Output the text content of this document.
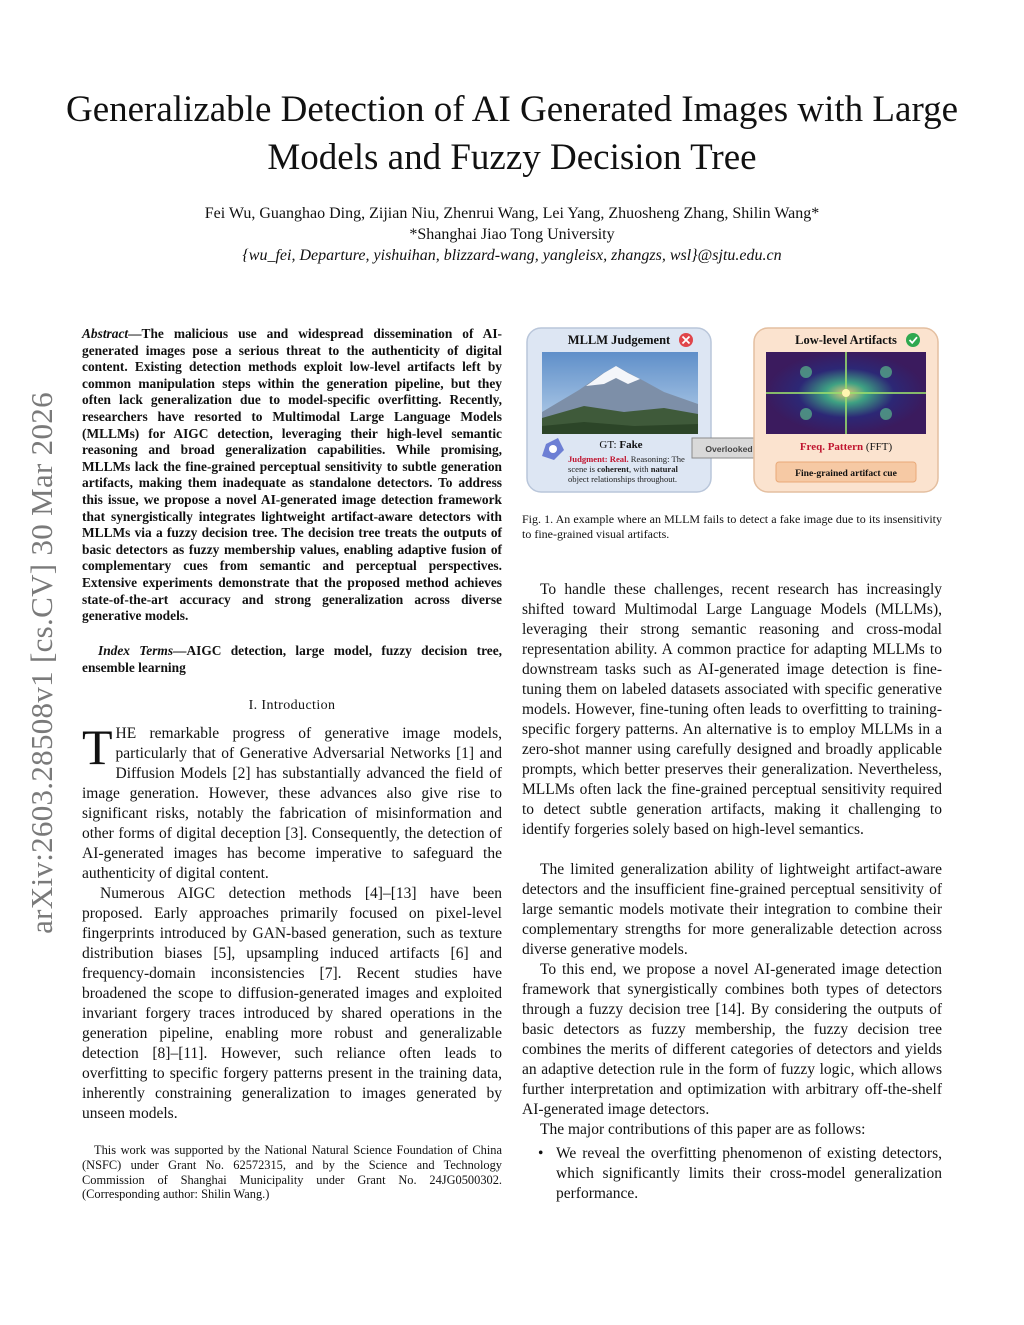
arXiv:2603.28508v1 [cs.CV] 30 Mar 2026
Generalizable Detection of AI Generated Images with Large Models and Fuzzy Decision Tree
Fei Wu, Guanghao Ding, Zijian Niu, Zhenrui Wang, Lei Yang, Zhuosheng Zhang, Shilin Wang*
*Shanghai Jiao Tong University
{wu_fei, Departure, yishuihan, blizzard-wang, yangleisx, zhangzs, wsl}@sjtu.edu.cn
Abstract—The malicious use and widespread dissemination of AI-generated images pose a serious threat to the authenticity of digital content. Existing detection methods exploit low-level artifacts left by common manipulation steps within the generation pipeline, but they often lack generalization due to model-specific overfitting. Recently, researchers have resorted to Multimodal Large Language Models (MLLMs) for AIGC detection, leveraging their high-level semantic reasoning and broad generalization capabilities. While promising, MLLMs lack the fine-grained perceptual sensitivity to subtle generation artifacts, making them inadequate as standalone detectors. To address this issue, we propose a novel AI-generated image detection framework that synergistically integrates lightweight artifact-aware detectors with MLLMs via a fuzzy decision tree. The decision tree treats the outputs of basic detectors as fuzzy membership values, enabling adaptive fusion of complementary cues from semantic and perceptual perspectives. Extensive experiments demonstrate that the proposed method achieves state-of-the-art accuracy and strong generalization across diverse generative models.
Index Terms—AIGC detection, large model, fuzzy decision tree, ensemble learning
I. Introduction
THE remarkable progress of generative image models, particularly that of Generative Adversarial Networks [1] and Diffusion Models [2] has substantially advanced the field of image generation. However, these advances also give rise to significant risks, notably the fabrication of misinformation and other forms of digital deception [3]. Consequently, the detection of AI-generated images has become imperative to safeguard the authenticity of digital content.
Numerous AIGC detection methods [4]–[13] have been proposed. Early approaches primarily focused on pixel-level fingerprints introduced by GAN-based generation, such as texture distribution biases [5], upsampling induced artifacts [6] and frequency-domain inconsistencies [7]. Recent studies have broadened the scope to diffusion-generated images and exploited invariant forgery traces introduced by shared operations in the generation pipeline, enabling more robust and generalizable detection [8]–[11]. However, such reliance often leads to overfitting to specific forgery patterns present in the training data, inherently constraining generalization to images generated by unseen models.
This work was supported by the National Natural Science Foundation of China (NSFC) under Grant No. 62572315, and by the Science and Technology Commission of Shanghai Municipality under Grant No. 24JG0500302. (Corresponding author: Shilin Wang.)
MLLM Judgement
GT: Fake
Judgment: Real. Reasoning: The
scene is coherent, with natural
object relationships throughout.
Overlooked
Low-level Artifacts
Freq. Pattern (FFT)
Fine-grained artifact cue
Fig. 1. An example where an MLLM fails to detect a fake image due to its insensitivity to fine-grained visual artifacts.
To handle these challenges, recent research has increasingly shifted toward Multimodal Large Language Models (MLLMs), leveraging their strong semantic reasoning and cross-modal representation ability. A common practice for adapting MLLMs to downstream tasks such as AI-generated image detection is fine-tuning them on labeled datasets associated with specific generative models. However, fine-tuning often leads to overfitting to training-specific forgery patterns. An alternative is to employ MLLMs in a zero-shot manner using carefully designed and broadly applicable prompts, which better preserves their generalization. Nevertheless, MLLMs often lack the fine-grained perceptual sensitivity required to detect subtle generation artifacts, making it challenging to identify forgeries solely based on high-level semantics.
The limited generalization ability of lightweight artifact-aware detectors and the insufficient fine-grained perceptual sensitivity of large semantic models motivate their integration to combine their complementary strengths for more generalizable detection across diverse generative models.
To this end, we propose a novel AI-generated image detection framework that synergistically combines both types of detectors through a fuzzy decision tree [14]. By considering the outputs of basic detectors as fuzzy membership, the fuzzy decision tree combines the merits of different categories of detectors and yields an adaptive detection rule in the form of fuzzy logic, which allows further interpretation and optimization with arbitrary off-the-shelf AI-generated image detectors.
The major contributions of this paper are as follows:
• We reveal the overfitting phenomenon of existing detectors, which significantly limits their cross-model generalization performance.
